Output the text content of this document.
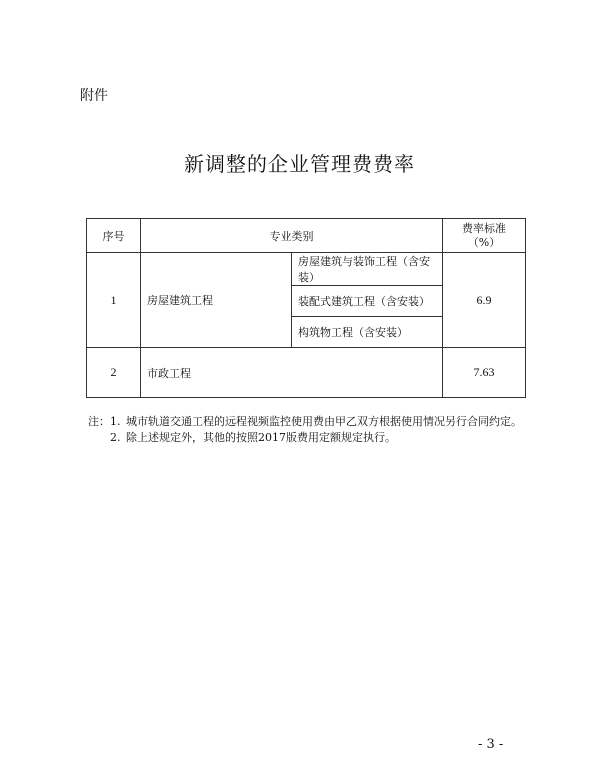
附件
新调整的企业管理费费率
序号	专业类别		费率标准
（%）

1	房屋建筑工程	房屋建筑与装饰工程（含安装）	6.9
		装配式建筑工程（含安装）	
		构筑物工程（含安装）	
2	市政工程		7.63
注： 1. 城市轨道交通工程的远程视频监控使用费由甲乙双方根据使用情况另行合同约定。
2. 除上述规定外，其他的按照2017版费用定额规定执行。
- 3 -
